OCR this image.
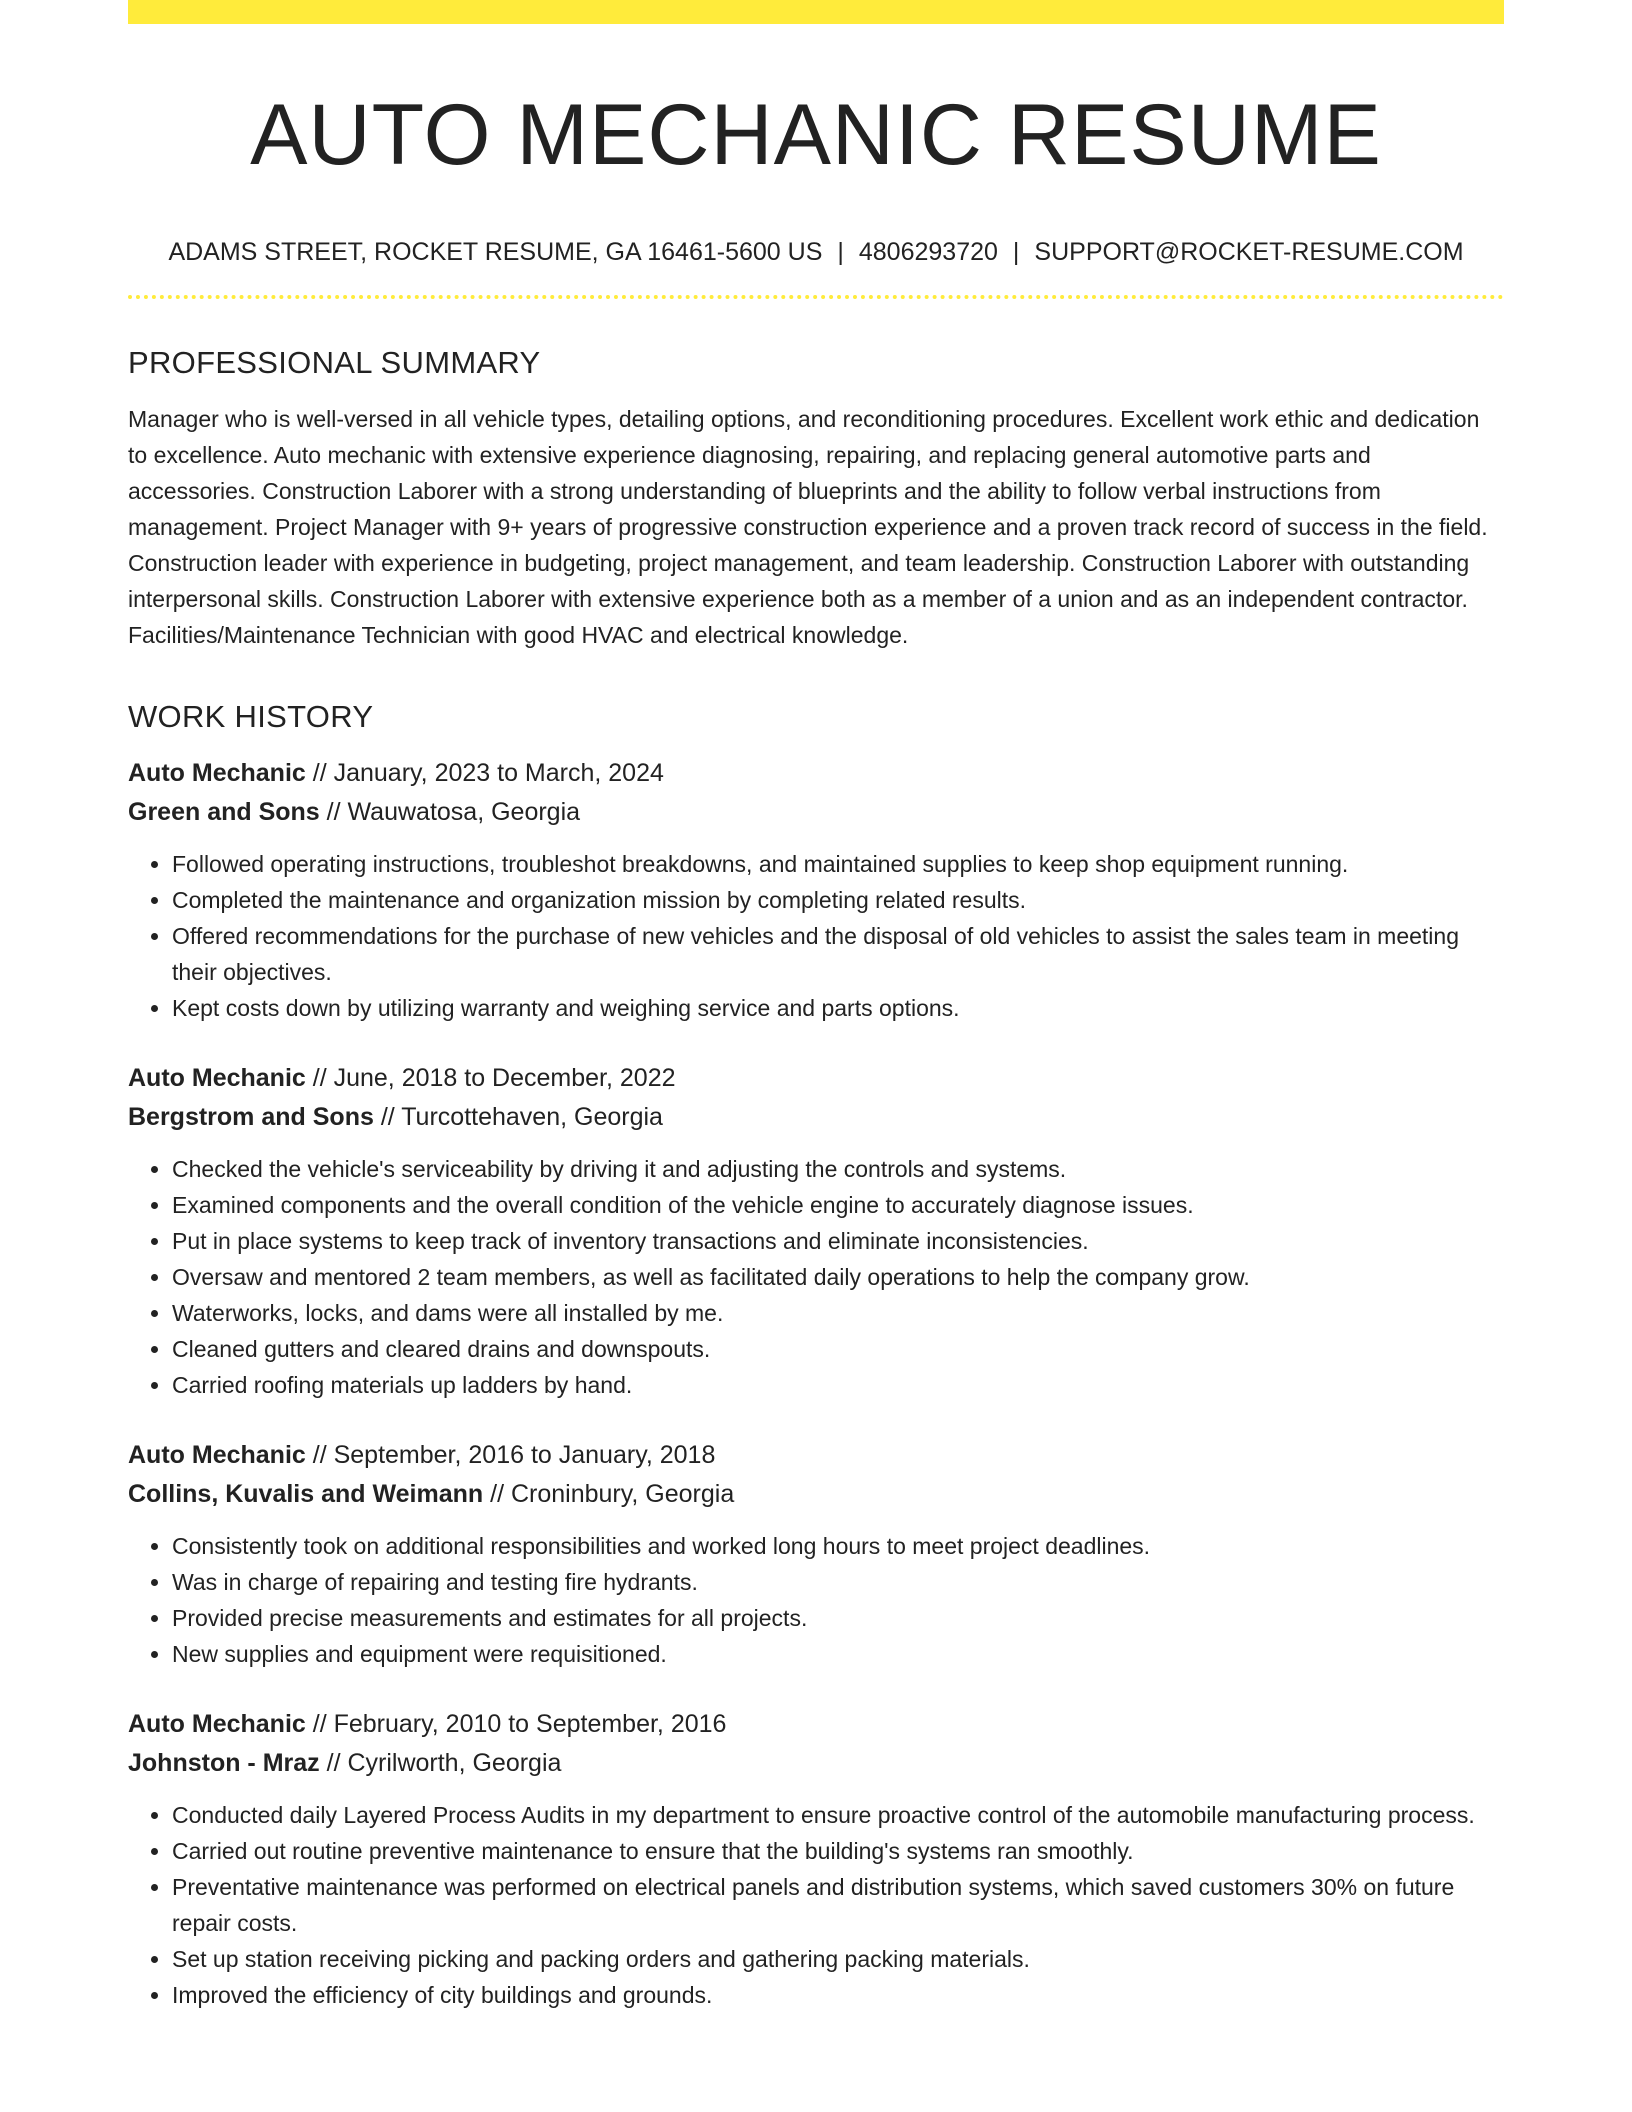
AUTO MECHANIC RESUME
ADAMS STREET, ROCKET RESUME, GA 16461-5600 US | 4806293720 | SUPPORT@ROCKET-RESUME.COM
PROFESSIONAL SUMMARY

Manager who is well-versed in all vehicle types, detailing options, and reconditioning procedures. Excellent work ethic and dedication to excellence. Auto mechanic with extensive experience diagnosing, repairing, and replacing general automotive parts and accessories. Construction Laborer with a strong understanding of blueprints and the ability to follow verbal instructions from management. Project Manager with 9+ years of progressive construction experience and a proven track record of success in the field. Construction leader with experience in budgeting, project management, and team leadership. Construction Laborer with outstanding interpersonal skills. Construction Laborer with extensive experience both as a member of a union and as an independent contractor. Facilities/Maintenance Technician with good HVAC and electrical knowledge.

WORK HISTORY
Auto Mechanic // January, 2023 to March, 2024
Green and Sons // Wauwatosa, Georgia
• Followed operating instructions, troubleshot breakdowns, and maintained supplies to keep shop equipment running.
• Completed the maintenance and organization mission by completing related results.
• Offered recommendations for the purchase of new vehicles and the disposal of old vehicles to assist the sales team in meeting their objectives.
• Kept costs down by utilizing warranty and weighing service and parts options.
Auto Mechanic // June, 2018 to December, 2022
Bergstrom and Sons // Turcottehaven, Georgia
• Checked the vehicle's serviceability by driving it and adjusting the controls and systems.
• Examined components and the overall condition of the vehicle engine to accurately diagnose issues.
• Put in place systems to keep track of inventory transactions and eliminate inconsistencies.
• Oversaw and mentored 2 team members, as well as facilitated daily operations to help the company grow.
• Waterworks, locks, and dams were all installed by me.
• Cleaned gutters and cleared drains and downspouts.
• Carried roofing materials up ladders by hand.
Auto Mechanic // September, 2016 to January, 2018
Collins, Kuvalis and Weimann // Croninbury, Georgia
• Consistently took on additional responsibilities and worked long hours to meet project deadlines.
• Was in charge of repairing and testing fire hydrants.
• Provided precise measurements and estimates for all projects.
• New supplies and equipment were requisitioned.
Auto Mechanic // February, 2010 to September, 2016
Johnston - Mraz // Cyrilworth, Georgia
• Conducted daily Layered Process Audits in my department to ensure proactive control of the automobile manufacturing process.
• Carried out routine preventive maintenance to ensure that the building's systems ran smoothly.
• Preventative maintenance was performed on electrical panels and distribution systems, which saved customers 30% on future repair costs.
• Set up station receiving picking and packing orders and gathering packing materials.
• Improved the efficiency of city buildings and grounds.
